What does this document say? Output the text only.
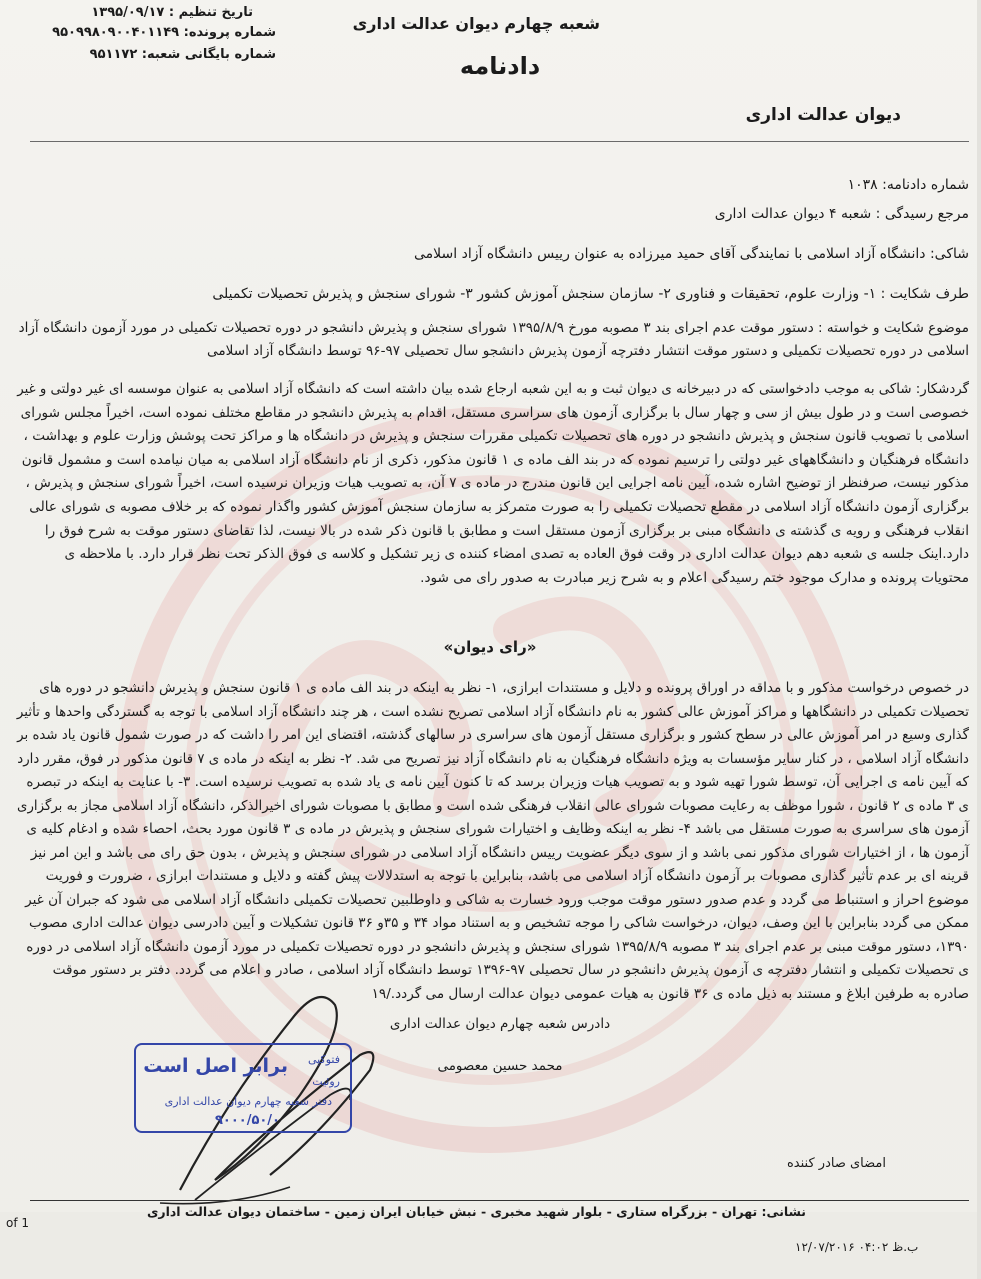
تاریخ تنظیم : ۱۳۹۵/۰۹/۱۷
شماره پرونده: ۹۵۰۹۹۸۰۹۰۰۴۰۱۱۴۹
شماره بایگانی شعبه: ۹۵۱۱۷۲
شعبه چهارم دیوان عدالت اداری
دادنامه
دیوان عدالت اداری
شماره دادنامه: ۱۰۳۸
مرجع رسیدگی : شعبه ۴ دیوان عدالت اداری
شاکی: دانشگاه آزاد اسلامی با نمایندگی آقای حمید میرزاده به عنوان رییس دانشگاه آزاد اسلامی
طرف شکایت : ۱- وزارت علوم، تحقیقات و فناوری ۲- سازمان سنجش آموزش کشور ۳- شورای سنجش و پذیرش تحصیلات تکمیلی

موضوع شکایت و خواسته : دستور موقت عدم اجرای بند ۳ مصوبه مورخ ۱۳۹۵/۸/۹ شورای سنجش و پذیرش دانشجو در دوره تحصیلات تکمیلی در مورد آزمون دانشگاه آزاد

اسلامی در دوره تحصیلات تکمیلی و دستور موقت انتشار دفترچه آزمون پذیرش دانشجو سال تحصیلی ۹۷-۹۶ توسط دانشگاه آزاد اسلامی

گردشکار: شاکی به موجب دادخواستی که در دبیرخانه ی دیوان ثبت و به این شعبه ارجاع شده بیان داشته است که دانشگاه آزاد اسلامی به عنوان موسسه ای غیر دولتی و غیر

خصوصی است و در طول بیش از سی و چهار سال با برگزاری آزمون های سراسری مستقل، اقدام به پذیرش دانشجو در مقاطع مختلف نموده است، اخیراً مجلس شورای

اسلامی با تصویب قانون سنجش و پذیرش دانشجو در دوره های تحصیلات تکمیلی مقررات سنجش و پذیرش در دانشگاه ها و مراکز تحت پوشش وزارت علوم و بهداشت ،

دانشگاه فرهنگیان و دانشگاههای غیر دولتی را ترسیم نموده که در بند الف ماده ی ۱ قانون مذکور، ذکری از نام دانشگاه آزاد اسلامی به میان نیامده است و مشمول قانون

مذکور نیست، صرفنظر از توضیح اشاره شده، آیین نامه اجرایی این قانون مندرج در ماده ی ۷ آن، به تصویب هیات وزیران نرسیده است، اخیراً شورای سنجش و پذیرش ،

برگزاری آزمون دانشگاه آزاد اسلامی در مقطع تحصیلات تکمیلی را به صورت متمرکز به سازمان سنجش آموزش کشور واگذار نموده که بر خلاف مصوبه ی شورای عالی

انقلاب فرهنگی و رویه ی گذشته ی دانشگاه مبنی بر برگزاری آزمون مستقل است و مطابق با قانون ذکر شده در بالا نیست، لذا تقاضای دستور موقت به شرح فوق را

دارد.اینک جلسه ی شعبه دهم دیوان عدالت اداری در وقت فوق العاده به تصدی امضاء کننده ی زیر تشکیل و کلاسه ی فوق الذکر تحت نظر قرار دارد. با ملاحظه ی

محتویات پرونده و مدارک موجود ختم رسیدگی اعلام و به شرح زیر مبادرت به صدور رای می شود.

«رای دیوان»

در خصوص درخواست مذکور و با مداقه در اوراق پرونده و دلایل و مستندات ابرازی، ۱- نظر به اینکه در بند الف ماده ی ۱ قانون سنجش و پذیرش دانشجو در دوره های

تحصیلات تکمیلی در دانشگاهها و مراکز آموزش عالی کشور به نام دانشگاه آزاد اسلامی تصریح نشده است ، هر چند دانشگاه آزاد اسلامی با توجه به گستردگی واحدها و تأثیر

گذاری وسیع در امر آموزش عالی در سطح کشور و برگزاری مستقل آزمون های سراسری در سالهای گذشته، اقتضای این امر را داشت که در صورت شمول قانون یاد شده بر

دانشگاه آزاد اسلامی ، در کنار سایر مؤسسات به ویژه دانشگاه فرهنگیان به نام دانشگاه آزاد نیز تصریح می شد. ۲- نظر به اینکه در ماده ی ۷ قانون مذکور در فوق، مقرر دارد

که آیین نامه ی اجرایی آن، توسط شورا تهیه شود و به تصویب هیات وزیران برسد که تا کنون آیین نامه ی یاد شده به تصویب نرسیده است. ۳- با عنایت به اینکه در تبصره

ی ۳ ماده ی ۲ قانون ، شورا موظف به رعایت مصوبات شورای عالی انقلاب فرهنگی شده است و مطابق با مصوبات شورای اخیرالذکر، دانشگاه آزاد اسلامی مجاز به برگزاری

آزمون های سراسری به صورت مستقل می باشد ۴- نظر به اینکه وظایف و اختیارات شورای سنجش و پذیرش در ماده ی ۳ قانون مورد بحث، احصاء شده و ادغام کلیه ی

آزمون ها ، از اختیارات شورای مذکور نمی باشد و از سوی دیگر عضویت رییس دانشگاه آزاد اسلامی در شورای سنجش و پذیرش ، بدون حق رای می باشد و این امر نیز

قرینه ای بر عدم تأثیر گذاری مصوبات بر آزمون دانشگاه آزاد اسلامی می باشد، بنابراین با توجه به استدلالات پیش گفته و دلایل و مستندات ابرازی ، ضرورت و فوریت

موضوع احراز و استنباط می گردد و عدم صدور دستور موقت موجب ورود خسارت به شاکی و داوطلبین تحصیلات تکمیلی دانشگاه آزاد اسلامی می شود که جبران آن غیر

ممکن می گردد بنابراین با این وصف، دیوان، درخواست شاکی را موجه تشخیص و به استناد مواد ۳۴ و ۳۵و ۳۶ قانون تشکیلات و آیین دادرسی دیوان عدالت اداری مصوب

۱۳۹۰، دستور موقت مبنی بر عدم اجرای بند ۳ مصوبه ۱۳۹۵/۸/۹ شورای سنجش و پذیرش دانشجو در دوره تحصیلات تکمیلی در مورد آزمون دانشگاه آزاد اسلامی در دوره

ی تحصیلات تکمیلی و انتشار دفترچه ی آزمون پذیرش دانشجو در سال تحصیلی ۹۷-۱۳۹۶ توسط دانشگاه آزاد اسلامی ، صادر و اعلام می گردد. دفتر بر دستور موقت

صادره به طرفین ابلاغ و مستند به ذیل ماده ی ۳۶ قانون به هیات عمومی دیوان عدالت ارسال می گردد./۱۹

دادرس شعبه چهارم دیوان عدالت اداری
محمد حسین معصومی
فتوکپی
برابر اصل است
روئیت
دفتر شعبه چهارم دیوان عدالت اداری
۹۰۰۰/۵۰/۰
امضای صادر کننده
نشانی: تهران - بزرگراه ستاری - بلوار شهید مخبری - نبش خیابان ایران زمین - ساختمان دیوان عدالت اداری
of 1
ب.ظ ۰۴:۰۲ ۱۲/۰۷/۲۰۱۶
